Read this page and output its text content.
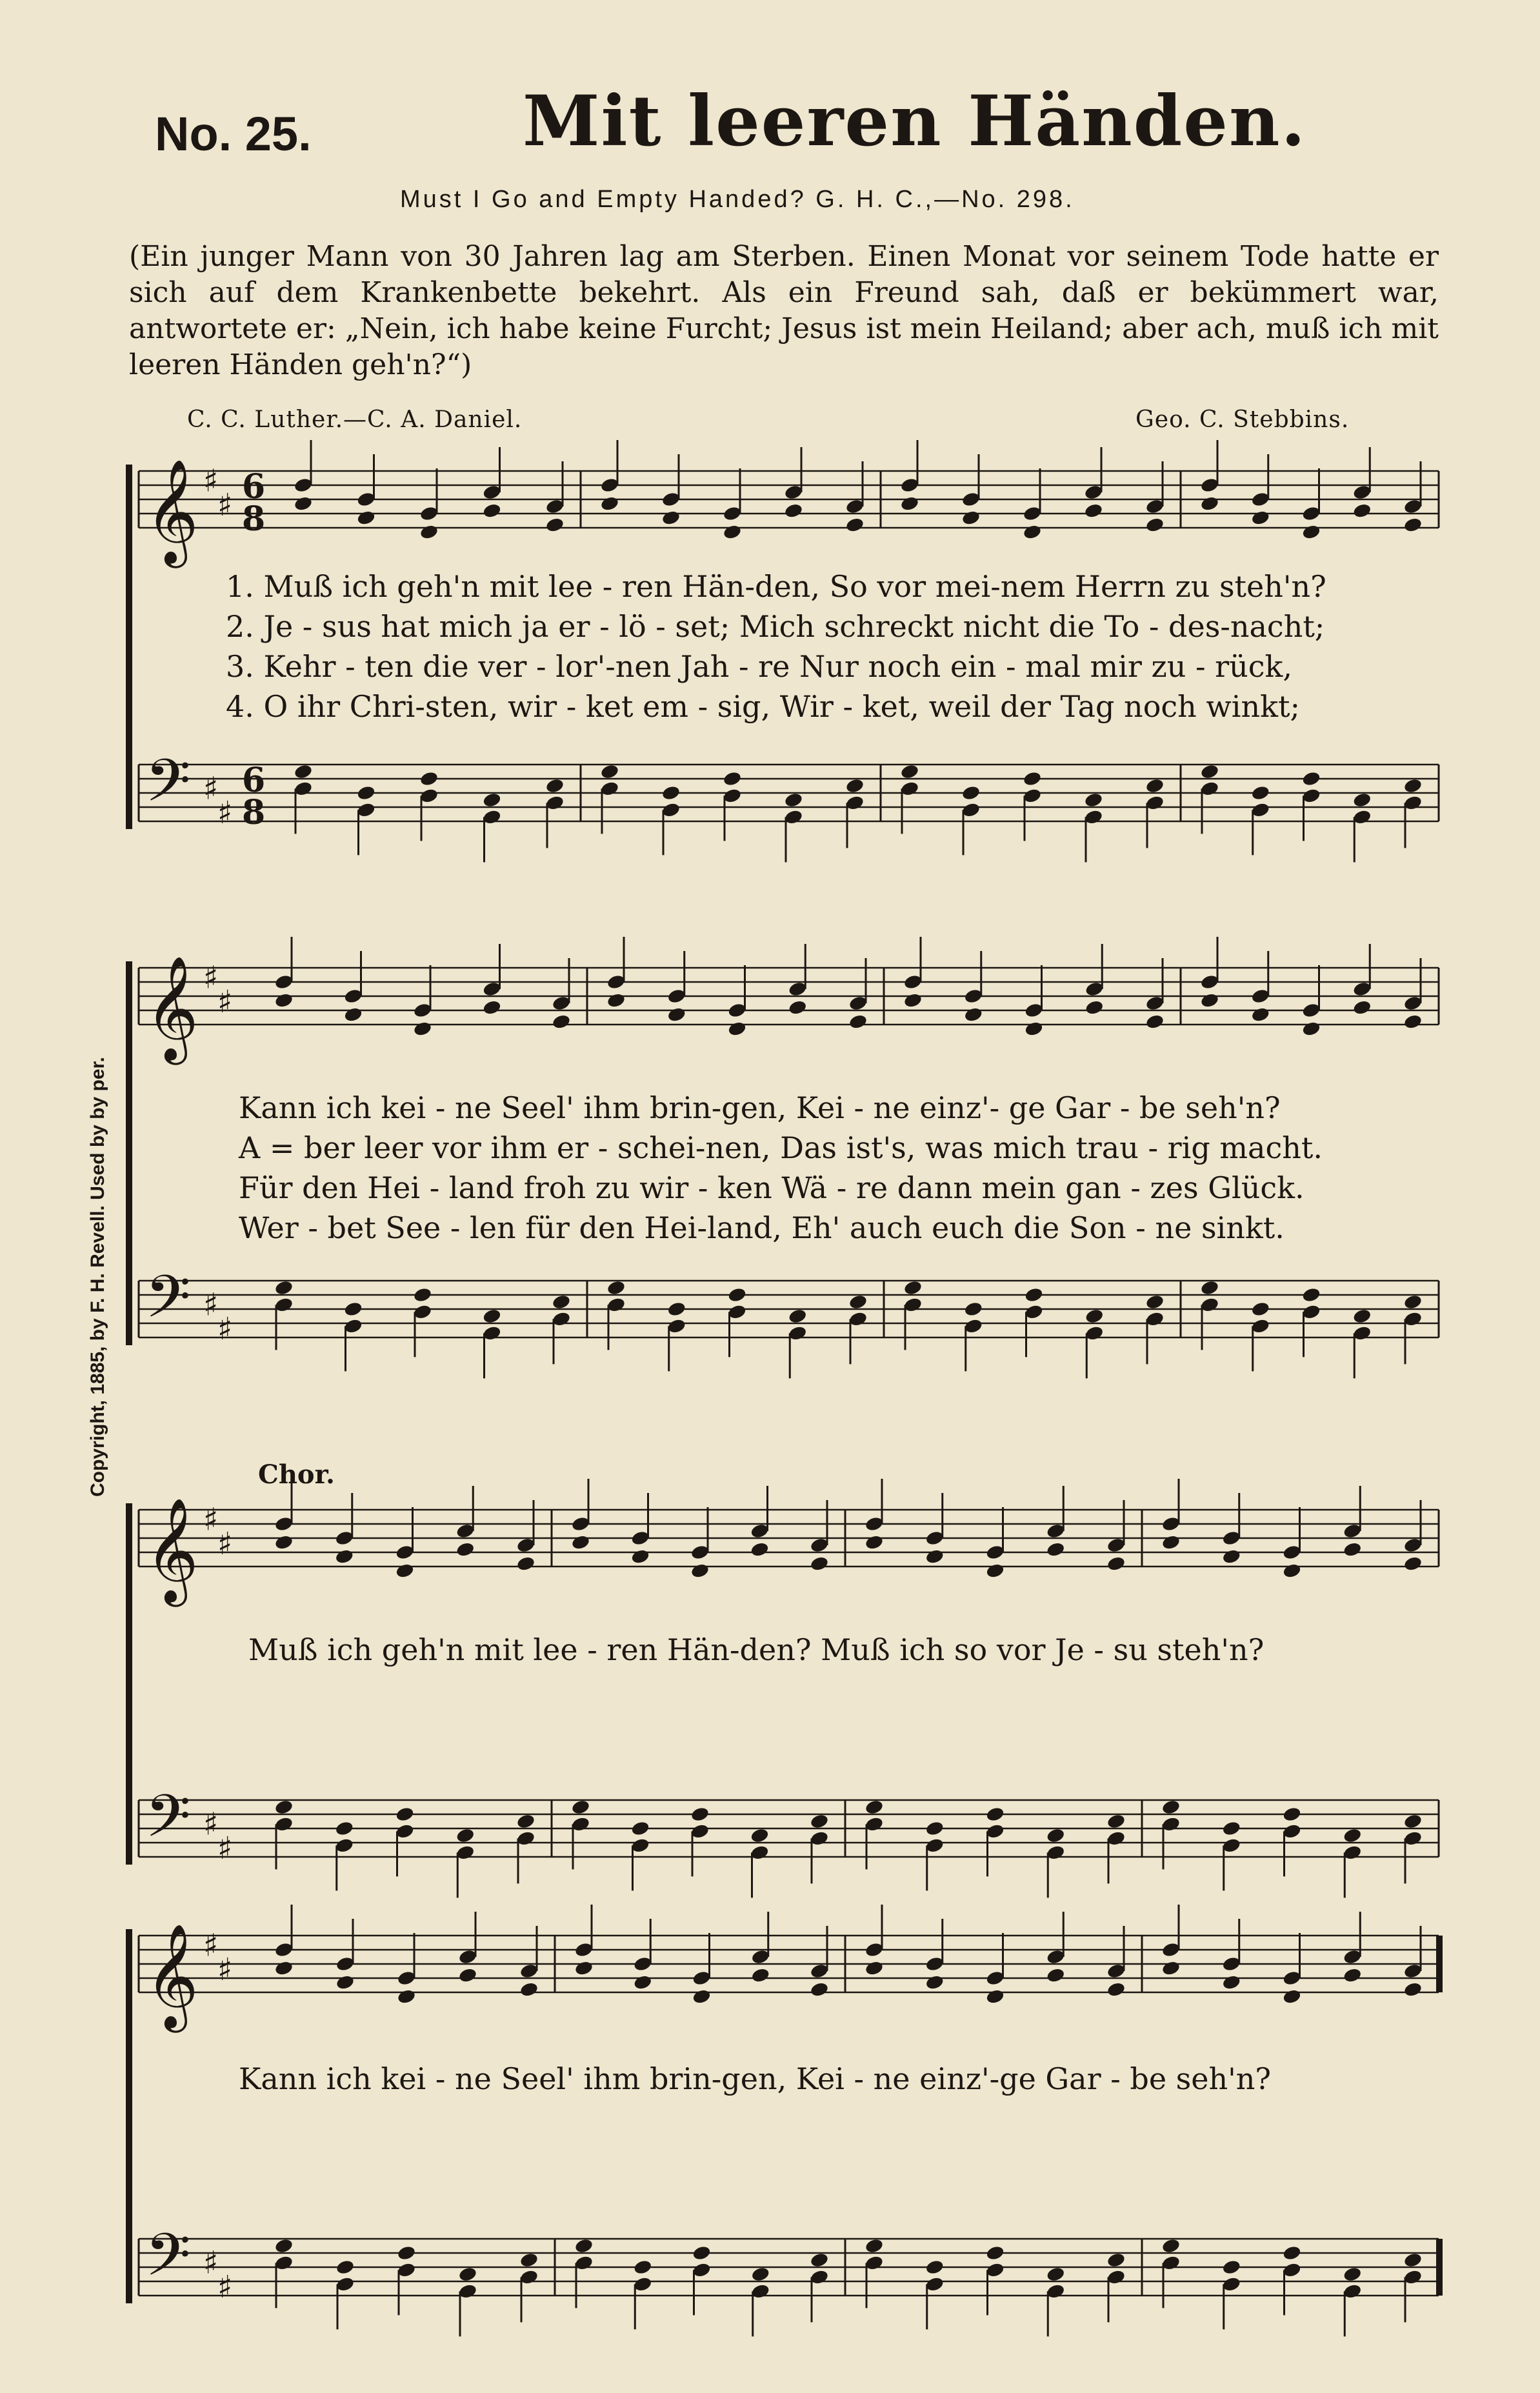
No. 25.	Mit leeren Händen.
Must I Go and Empty Handed? G. H. C.,—No. 298.
(Ein junger Mann von 30 Jahren lag am Sterben. Einen Monat vor seinem Tode hatte er sich auf dem Krankenbette bekehrt. Als ein Freund sah, daß er bekümmert war, antwortete er: „Nein, ich habe keine Furcht; Jesus ist mein Heiland; aber ach, muß ich mit leeren Händen geh'n?“)
C. C. Luther.—C. A. Daniel.	Geo. C. Stebbins.
Copyright, 1885, by F. H. Revell. Used by by per.	Chor.
𝄞
𝄢
♯
♯
♯
♯
6
8
6
8
𝄞
𝄢
♯
♯
♯
♯
𝄞
𝄢
♯
♯
♯
♯
𝄞
𝄢
♯
♯
♯
♯
1. Muß ich geh'n mit lee - ren Hän-den, So vor mei-nem Herrn zu steh'n?
2. Je - sus hat mich ja er - lö - set; Mich schreckt nicht die To - des-nacht;
3. Kehr - ten die ver - lor'-nen Jah - re Nur noch ein - mal mir zu - rück,
4. O ihr Chri-sten, wir - ket em - sig, Wir - ket, weil der Tag noch winkt;
Kann ich kei - ne Seel' ihm brin-gen, Kei - ne einz'- ge Gar - be seh'n?
A = ber leer vor ihm er - schei-nen, Das ist's, was mich trau - rig macht.
Für den Hei - land froh zu wir - ken Wä - re dann mein gan - zes Glück.
Wer - bet See - len für den Hei-land, Eh' auch euch die Son - ne sinkt.
Muß ich geh'n mit lee - ren Hän-den? Muß ich so vor Je - su steh'n?
Kann ich kei - ne Seel' ihm brin-gen, Kei - ne einz'-ge Gar - be seh'n?
